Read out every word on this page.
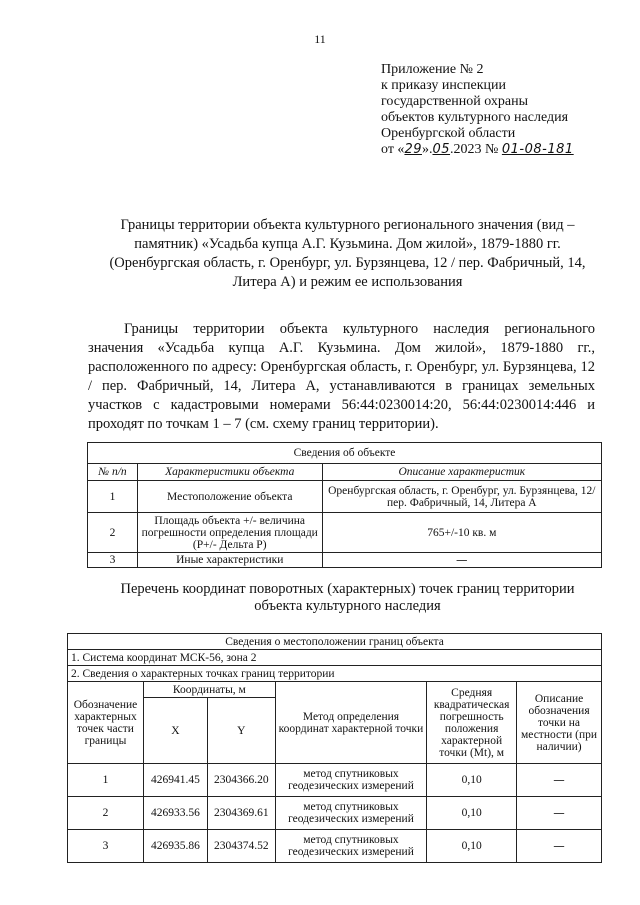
11
Приложение № 2
к приказу инспекции
государственной охраны
объектов культурного наследия
Оренбургской области
от «29».05.2023 № 01-08-181
Границы территории объекта культурного регионального значения (вид – памятник) «Усадьба купца А.Г. Кузьмина. Дом жилой», 1879-1880 гг. (Оренбургская область, г. Оренбург, ул. Бурзянцева, 12 / пер. Фабричный, 14, Литера А) и режим ее использования

Границы территории объекта культурного наследия регионального значения «Усадьба купца А.Г. Кузьмина. Дом жилой», 1879-1880 гг., расположенного по адресу: Оренбургская область, г. Оренбург, ул. Бурзянцева, 12 / пер. Фабричный, 14, Литера А, устанавливаются в границах земельных участков с кадастровыми номерами 56:44:0230014:20, 56:44:0230014:446 и проходят по точкам 1 – 7 (см. схему границ территории).

Сведения об объекте		
№ п/п	Характеристики объекта	Описание характеристик
1	Местоположение объекта	Оренбургская область, г. Оренбург, ул. Бурзянцева, 12/ пер. Фабричный, 14, Литера А
2	Площадь объекта +/- величина погрешности определения площади (Р+/- Дельта Р)	765+/-10 кв. м
3	Иные характеристики	—
Перечень координат поворотных (характерных) точек границ территории объекта культурного наследия
Сведения о местоположении границ объекта					
1. Система координат МСК-56, зона 2					
2. Сведения о характерных точках границ территории					
Обозначение характерных точек части границы	Координаты, м		Метод определения координат характерной точки	Средняя квадратическая погрешность положения характерной точки (Mt), м	Описание обозначения точки на местности (при наличии)
	X	Y			
1	426941.45	2304366.20	метод спутниковых геодезических измерений	0,10	—
2	426933.56	2304369.61	метод спутниковых геодезических измерений	0,10	—
3	426935.86	2304374.52	метод спутниковых геодезических измерений	0,10	—
